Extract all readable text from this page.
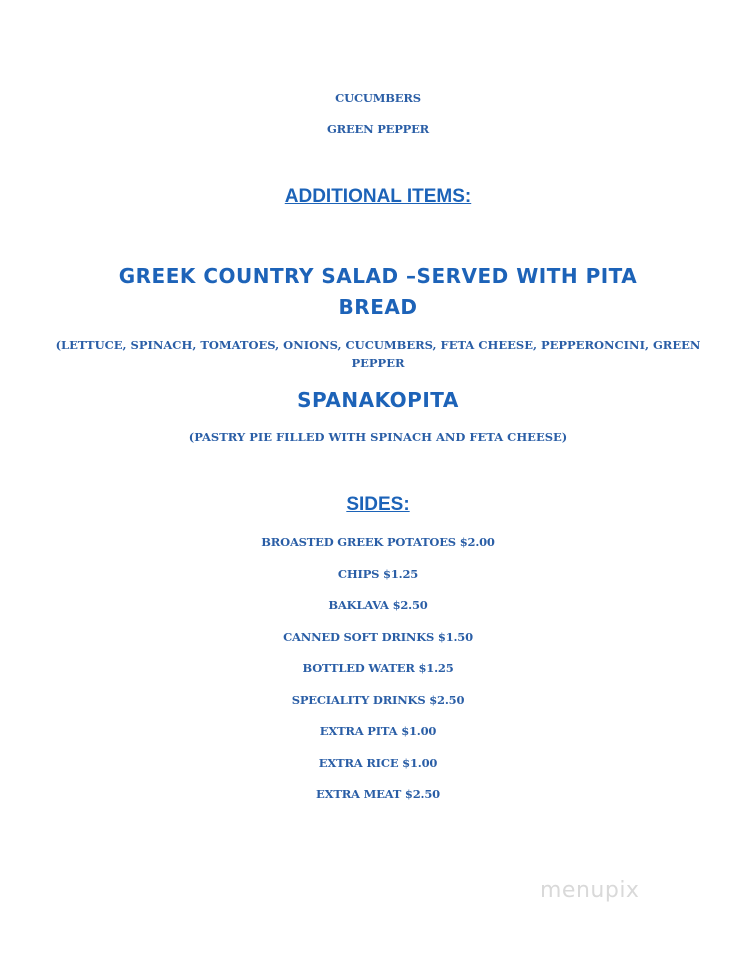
CUCUMBERS
GREEN PEPPER
ADDITIONAL ITEMS:
GREEK COUNTRY SALAD –SERVED WITH PITA
BREAD
(LETTUCE, SPINACH, TOMATOES, ONIONS, CUCUMBERS, FETA CHEESE, PEPPERONCINI, GREEN
PEPPER
SPANAKOPITA
(PASTRY PIE FILLED WITH SPINACH AND FETA CHEESE)
SIDES:
BROASTED GREEK POTATOES $2.00
CHIPS $1.25
BAKLAVA $2.50
CANNED SOFT DRINKS $1.50
BOTTLED WATER $1.25
SPECIALITY DRINKS $2.50
EXTRA PITA $1.00
EXTRA RICE $1.00
EXTRA MEAT $2.50
menupix
